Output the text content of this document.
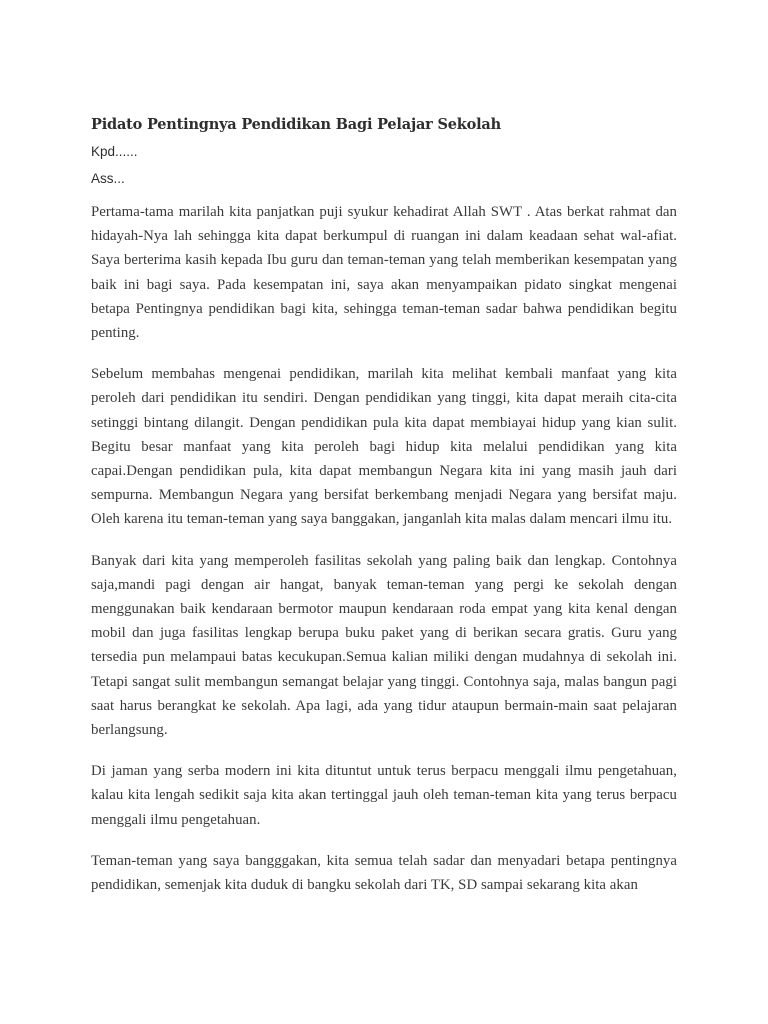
Pidato Pentingnya Pendidikan Bagi Pelajar Sekolah

Kpd......

Ass...

Pertama-tama marilah kita panjatkan puji syukur kehadirat Allah SWT . Atas berkat rahmat dan hidayah-Nya lah sehingga kita dapat berkumpul di ruangan ini dalam keadaan sehat wal-afiat. Saya berterima kasih kepada Ibu guru dan teman-teman yang telah memberikan kesempatan yang baik ini bagi saya. Pada kesempatan ini, saya akan menyampaikan pidato singkat mengenai betapa Pentingnya pendidikan bagi kita, sehingga teman-teman sadar bahwa pendidikan begitu penting.

Sebelum membahas mengenai pendidikan, marilah kita melihat kembali manfaat yang kita peroleh dari pendidikan itu sendiri. Dengan pendidikan yang tinggi, kita dapat meraih cita-cita setinggi bintang dilangit. Dengan pendidikan pula kita dapat membiayai hidup yang kian sulit. Begitu besar manfaat yang kita peroleh bagi hidup kita melalui pendidikan yang kita capai.Dengan pendidikan pula, kita dapat membangun Negara kita ini yang masih jauh dari sempurna. Membangun Negara yang bersifat berkembang menjadi Negara yang bersifat maju. Oleh karena itu teman-teman yang saya banggakan, janganlah kita malas dalam mencari ilmu itu.

Banyak dari kita yang memperoleh fasilitas sekolah yang paling baik dan lengkap. Contohnya saja,mandi pagi dengan air hangat, banyak teman-teman yang pergi ke sekolah dengan menggunakan baik kendaraan bermotor maupun kendaraan roda empat yang kita kenal dengan mobil dan juga fasilitas lengkap berupa buku paket yang di berikan secara gratis. Guru yang tersedia pun melampaui batas kecukupan.Semua kalian miliki dengan mudahnya di sekolah ini. Tetapi sangat sulit membangun semangat belajar yang tinggi. Contohnya saja, malas bangun pagi saat harus berangkat ke sekolah. Apa lagi, ada yang tidur ataupun bermain-main saat pelajaran berlangsung.

Di jaman yang serba modern ini kita dituntut untuk terus berpacu menggali ilmu pengetahuan, kalau kita lengah sedikit saja kita akan tertinggal jauh oleh teman-teman kita yang terus berpacu menggali ilmu pengetahuan.

Teman-teman yang saya bangggakan, kita semua telah sadar dan menyadari betapa pentingnya pendidikan, semenjak kita duduk di bangku sekolah dari TK, SD sampai sekarang kita akan
